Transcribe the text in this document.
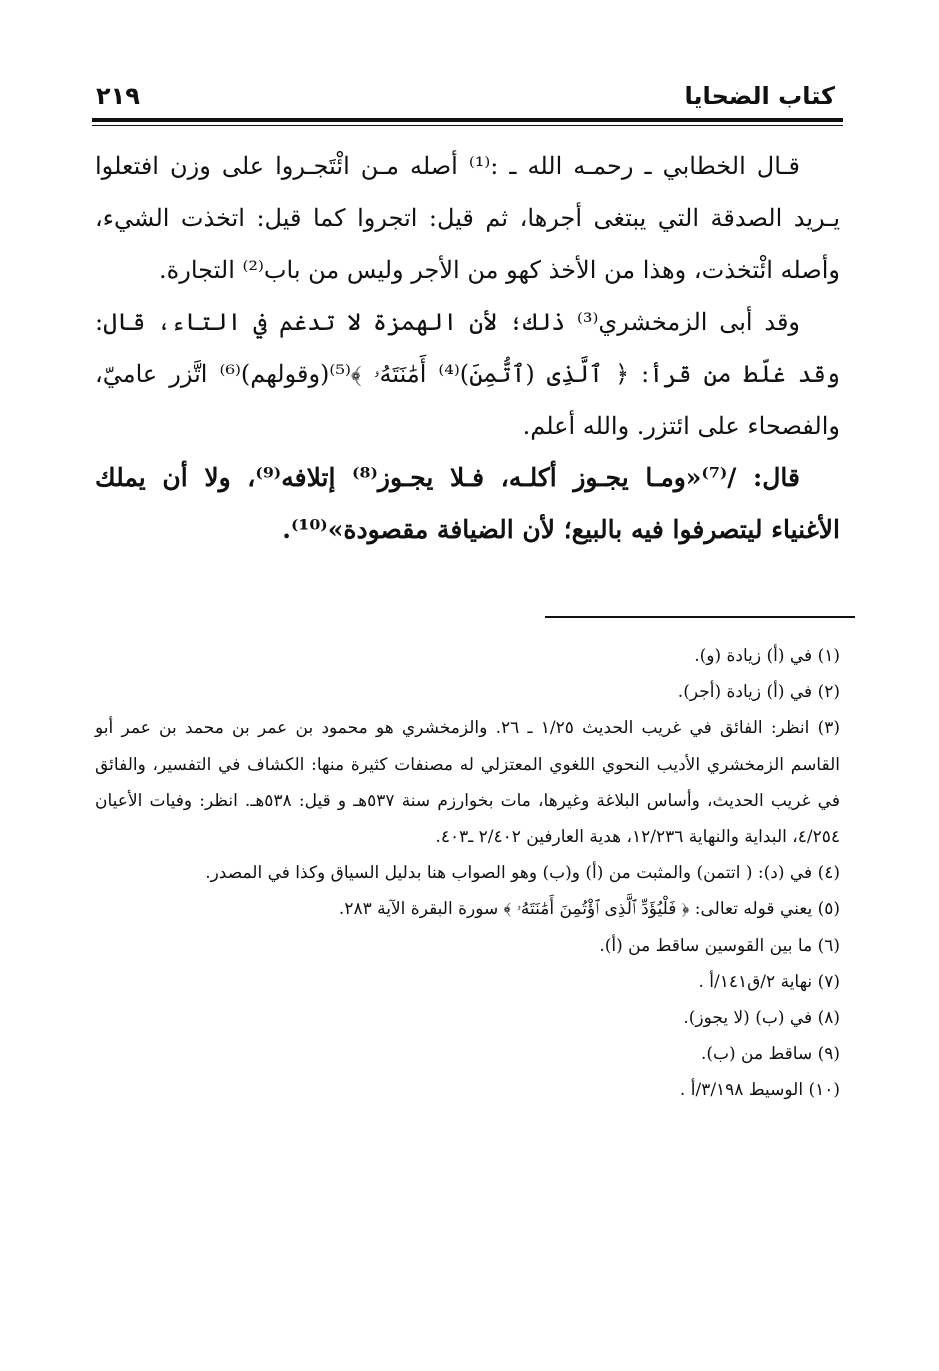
كتاب الضحايا
٢١٩

قـال الخطابي ـ رحمـه الله ـ :⁽¹⁾ أصله مـن ائْتَجـروا على وزن افتعلوا يـريد الصدقة التي يبتغى أجرها، ثم قيل: اتجروا كما قيل: اتخذت الشيء، وأصله ائْتخذت، وهذا من الأخذ كهو من الأجر وليس من باب⁽²⁾ التجارة.

وقد أبى الزمخشري⁽³⁾ ذلك؛ لأن الهمزة لا تدغم في التاء، قال: وقد غلّط من قرأ: ﴿ ٱلَّذِى (ٱتُّمِنَ)⁽⁴⁾ أَمَٰنَتَهُۥ ﴾⁽⁵⁾(وقولهم)⁽⁶⁾ اتَّزر عاميّ، والفصحاء على ائتزر. والله أعلم.

قال: /⁽⁷⁾«ومـا يجـوز أكلـه، فـلا يجـوز⁽⁸⁾ إتلافه⁽⁹⁾، ولا أن يملك الأغنياء ليتصرفوا فيه بالبيع؛ لأن الضيافة مقصودة»⁽¹⁰⁾.

(١) في (أ) زيادة (و).

(٢) في (أ) زيادة (أجر).

(٣) انظر: الفائق في غريب الحديث ١/٢٥ ـ ٢٦. والزمخشري هو محمود بن عمر بن محمد بن عمر أبو القاسم الزمخشري الأديب النحوي اللغوي المعتزلي له مصنفات كثيرة منها: الكشاف في التفسير، والفائق في غريب الحديث، وأساس البلاغة وغيرها، مات بخوارزم سنة ٥٣٧هـ و قيل: ٥٣٨هـ. انظر: وفيات الأعيان ٤/٢٥٤، البداية والنهاية ١٢/٢٣٦، هدية العارفين ٢/٤٠٢ ـ٤٠٣.

(٤) في (د): ( اتتمن) والمثبت من (أ) و(ب) وهو الصواب هنا بدليل السياق وكذا في المصدر.

(٥) يعني قوله تعالى: ﴿ فَلْيُؤَدِّ ٱلَّذِى ٱؤْتُمِنَ أَمَٰنَتَهُۥ ﴾ سورة البقرة الآية ٢٨٣.

(٦) ما بين القوسين ساقط من (أ).

(٧) نهاية ٢/ق١٤١/أ .

(٨) في (ب) (لا يجوز).

(٩) ساقط من (ب).

(١٠) الوسيط ٣/١٩٨/أ .
